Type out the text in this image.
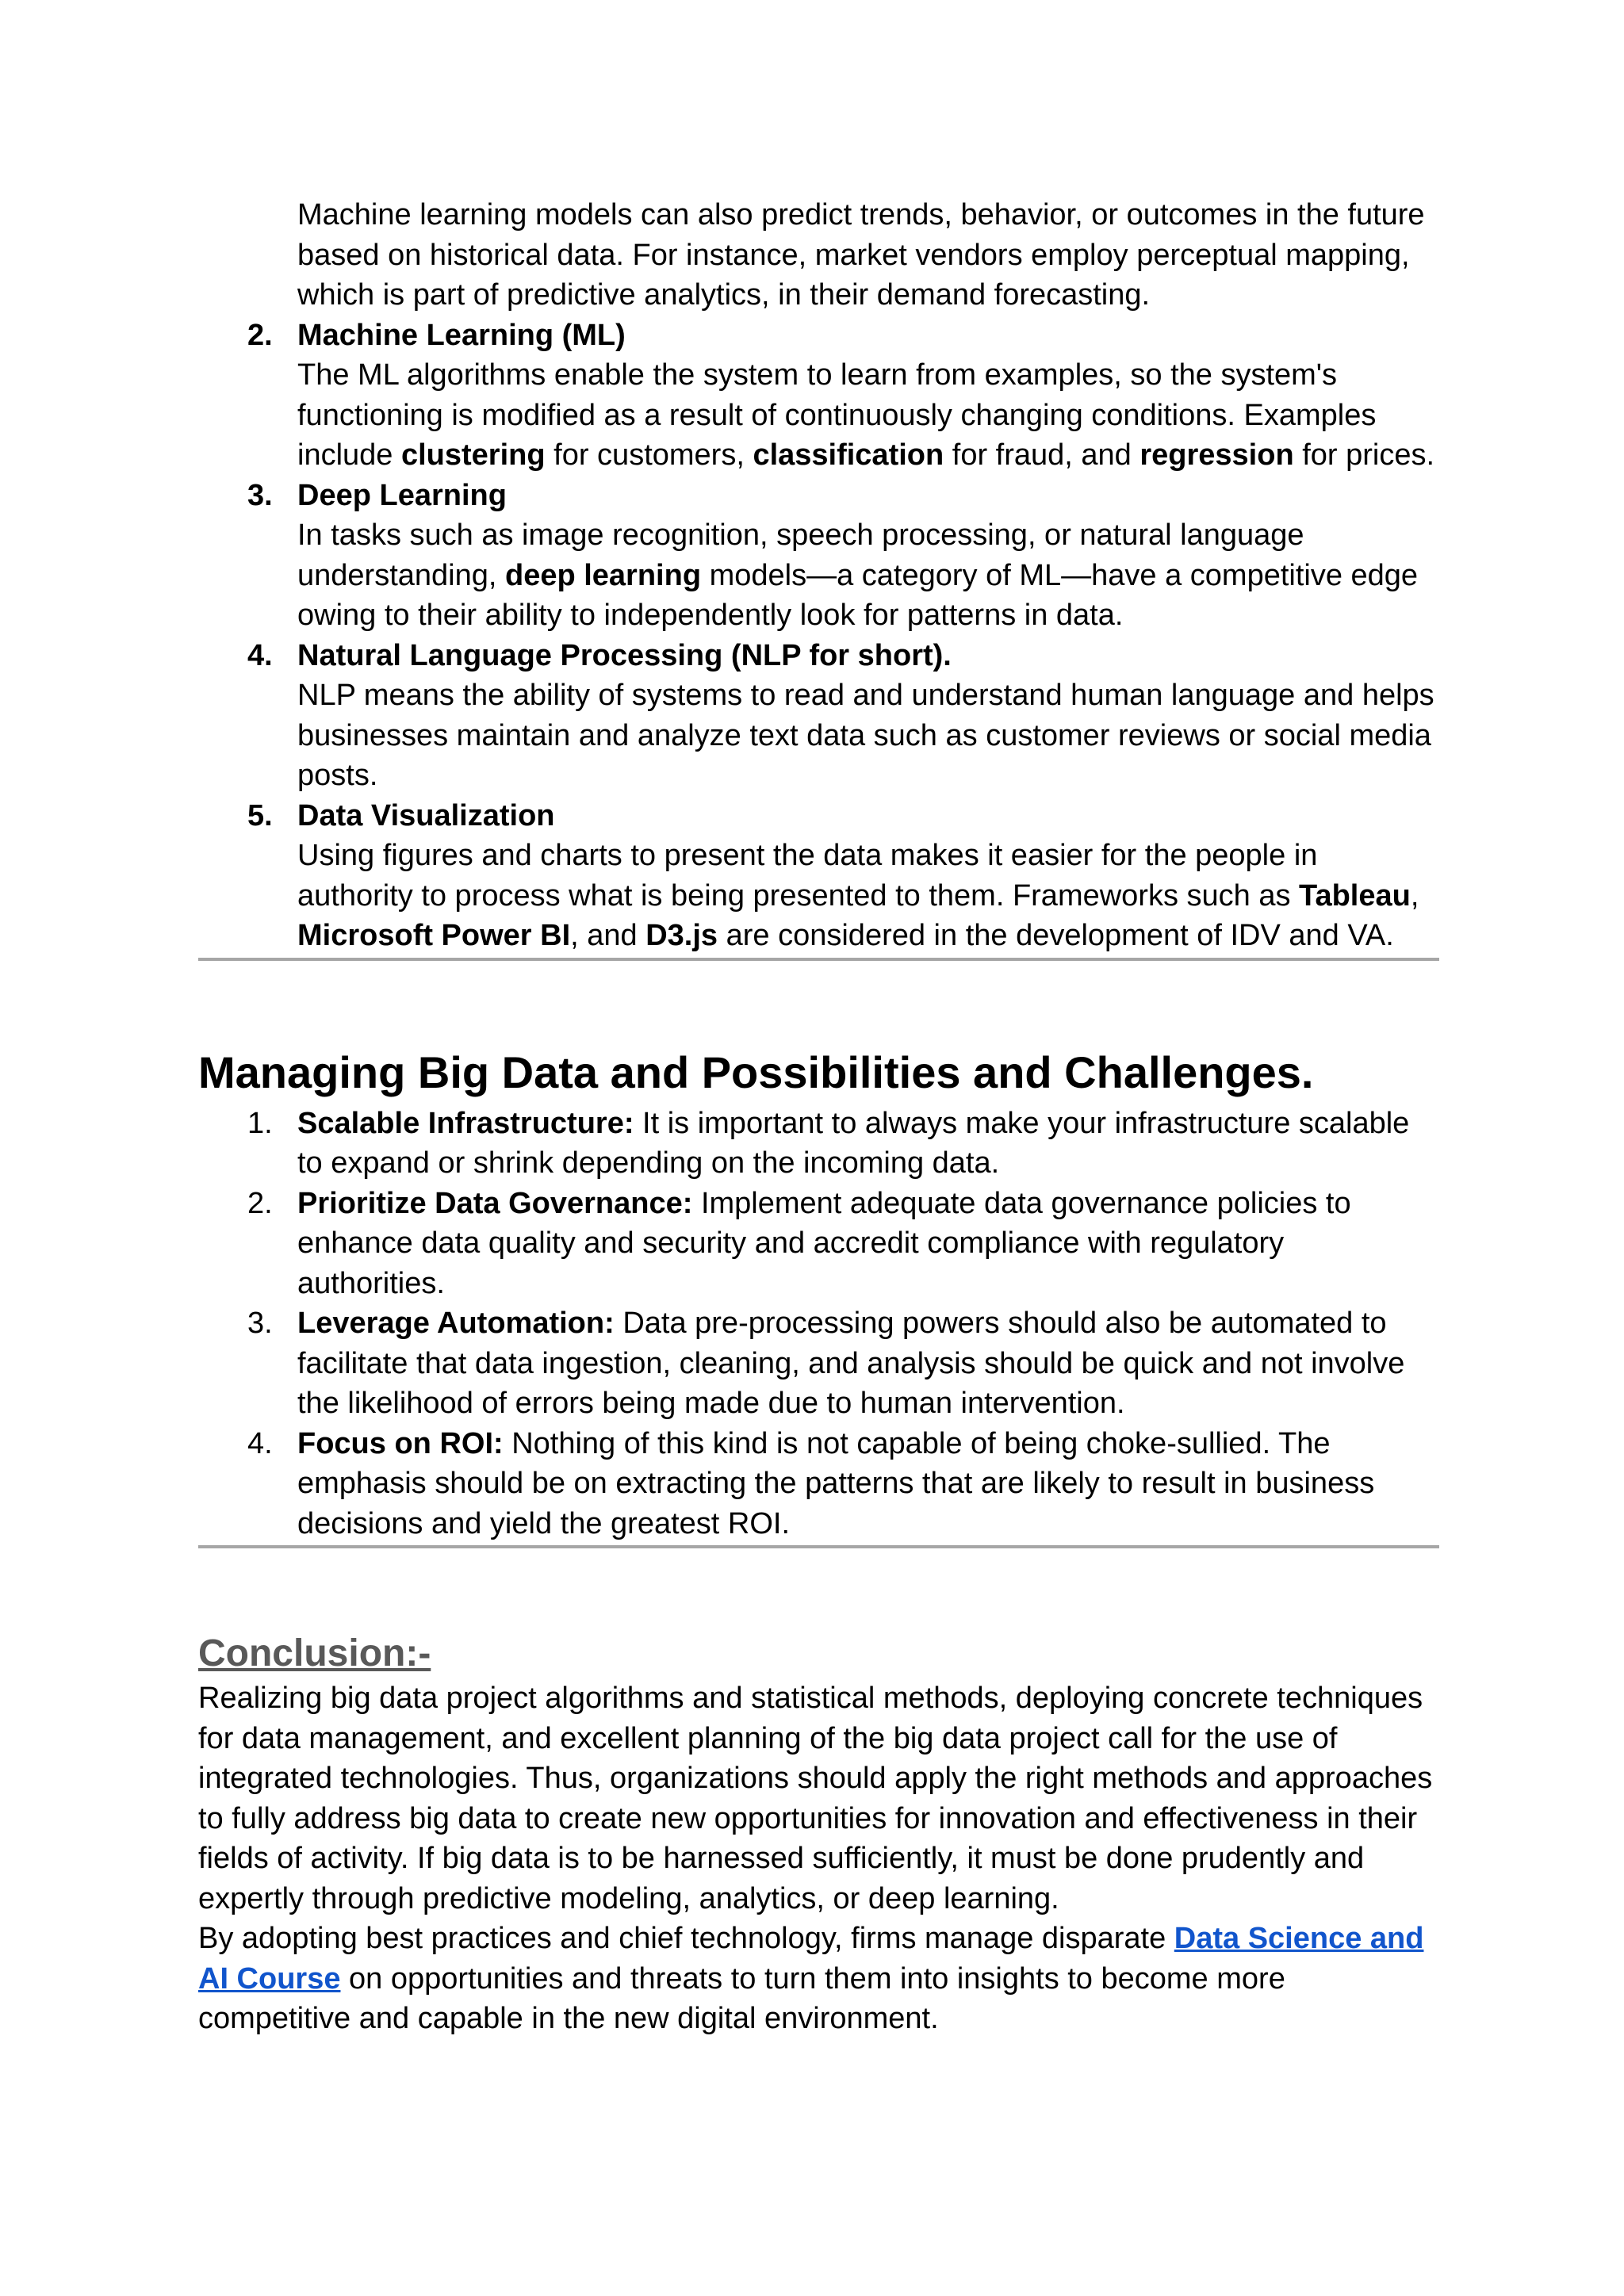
Machine learning models can also predict trends, behavior, or outcomes in the future based on historical data. For instance, market vendors employ perceptual mapping, which is part of predictive analytics, in their demand forecasting.

2. Machine Learning (ML)
The ML algorithms enable the system to learn from examples, so the system's functioning is modified as a result of continuously changing conditions. Examples include clustering for customers, classification for fraud, and regression for prices.
3. Deep Learning
In tasks such as image recognition, speech processing, or natural language understanding, deep learning models—a category of ML—have a competitive edge owing to their ability to independently look for patterns in data.
4. Natural Language Processing (NLP for short).
NLP means the ability of systems to read and understand human language and helps businesses maintain and analyze text data such as customer reviews or social media posts.
5. Data Visualization
Using figures and charts to present the data makes it easier for the people in authority to process what is being presented to them. Frameworks such as Tableau, Microsoft Power BI, and D3.js are considered in the development of IDV and VA.
Managing Big Data and Possibilities and Challenges.
1. Scalable Infrastructure: It is important to always make your infrastructure scalable to expand or shrink depending on the incoming data.
2. Prioritize Data Governance: Implement adequate data governance policies to enhance data quality and security and accredit compliance with regulatory authorities.
3. Leverage Automation: Data pre-processing powers should also be automated to facilitate that data ingestion, cleaning, and analysis should be quick and not involve the likelihood of errors being made due to human intervention.
4. Focus on ROI: Nothing of this kind is not capable of being choke-sullied. The emphasis should be on extracting the patterns that are likely to result in business decisions and yield the greatest ROI.
Conclusion:-

Realizing big data project algorithms and statistical methods, deploying concrete techniques for data management, and excellent planning of the big data project call for the use of integrated technologies. Thus, organizations should apply the right methods and approaches to fully address big data to create new opportunities for innovation and effectiveness in their fields of activity. If big data is to be harnessed sufficiently, it must be done prudently and expertly through predictive modeling, analytics, or deep learning.

By adopting best practices and chief technology, firms manage disparate Data Science and AI Course on opportunities and threats to turn them into insights to become more competitive and capable in the new digital environment.
